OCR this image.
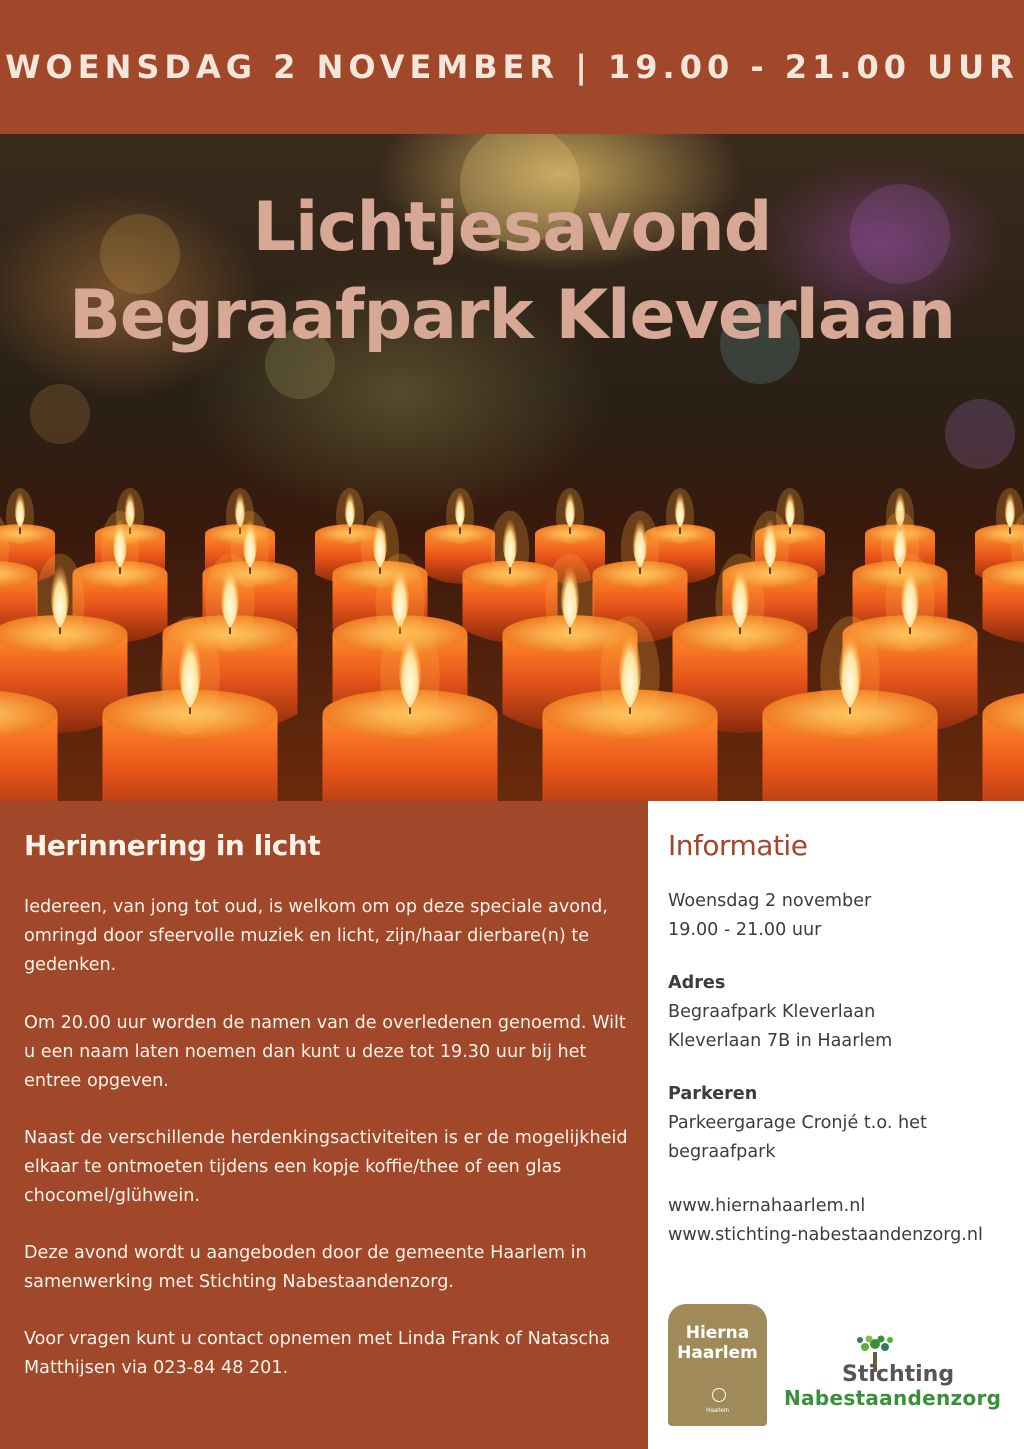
WOENSDAG 2 NOVEMBER | 19.00 - 21.00 UUR
Lichtjesavond
Begraafpark Kleverlaan
Herinnering in licht

Iedereen, van jong tot oud, is welkom om op deze speciale avond, omringd door sfeervolle muziek en licht, zijn/haar dierbare(n) te gedenken.

Om 20.00 uur worden de namen van de overledenen genoemd. Wilt u een naam laten noemen dan kunt u deze tot 19.30 uur bij het entree opgeven.

Naast de verschillende herdenkingsactiviteiten is er de mogelijkheid elkaar te ontmoeten tijdens een kopje koffie/thee of een glas chocomel/glühwein.

Deze avond wordt u aangeboden door de gemeente Haarlem in samenwerking met Stichting Nabestaandenzorg.

Voor vragen kunt u contact opnemen met Linda Frank of Natascha Matthijsen via 023-84 48 201.

Informatie
Woensdag 2 november
19.00 - 21.00 uur
Adres
Begraafpark Kleverlaan
Kleverlaan 7B in Haarlem
Parkeren
Parkeergarage Cronjé t.o. het
begraafpark
www.hiernahaarlem.nl
www.stichting-nabestaandenzorg.nl
Hierna
Haarlem
Haarlem
Stichting
Nabestaandenzorg
